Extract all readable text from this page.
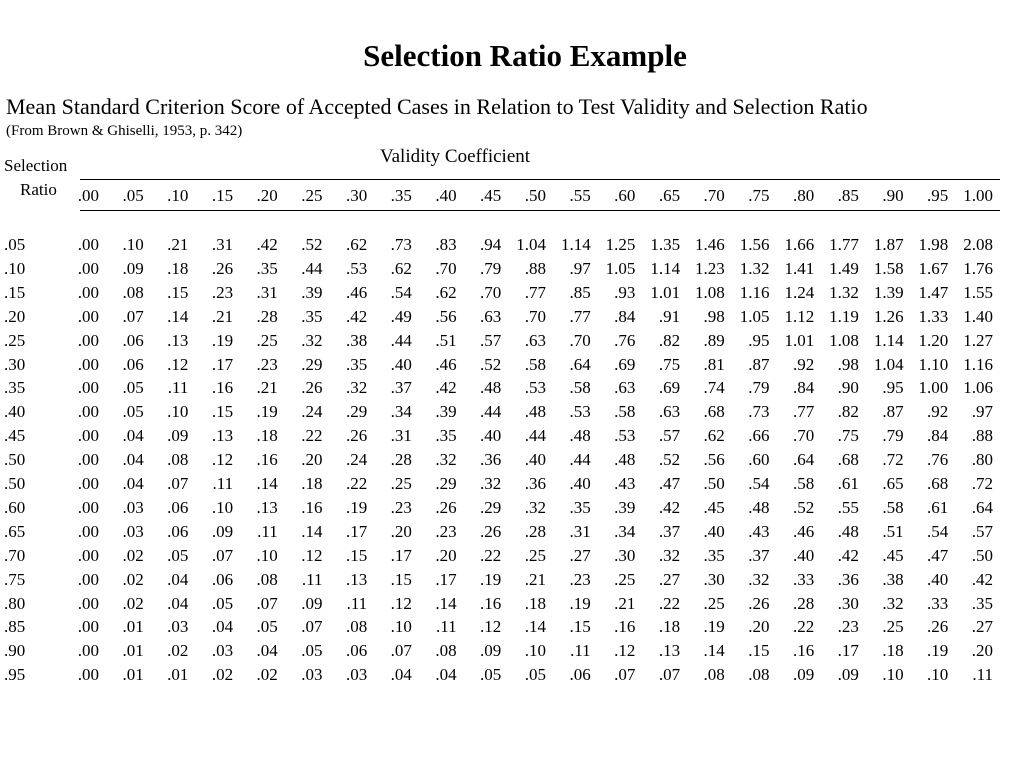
Selection Ratio Example

Mean Standard Criterion Score of Accepted Cases in Relation to Test Validity and Selection Ratio

(From Brown & Ghiselli, 1953, p. 342)

Validity Coefficient
Selection
Ratio	.00	.05	.10	.15	.20	.25	.30	.35	.40	.45	.50	.55	.60	.65	.70	.75	.80	.85	.90	.95 1.00
.05	.00	.10	.21	.31	.42	.52	.62	.73	.83	.94 1.04 1.14 1.25 1.35 1.46 1.56 1.66 1.77 1.87 1.98 2.08
.10	.00	.09	.18	.26	.35	.44	.53	.62	.70	.79	.88	.97 1.05 1.14 1.23 1.32 1.41 1.49 1.58 1.67 1.76
.15	.00	.08	.15	.23	.31	.39	.46	.54	.62	.70	.77	.85	.93 1.01 1.08 1.16 1.24 1.32 1.39 1.47 1.55
.20	.00	.07	.14	.21	.28	.35	.42	.49	.56	.63	.70	.77	.84	.91	.98 1.05 1.12 1.19 1.26 1.33 1.40
.25	.00	.06	.13	.19	.25	.32	.38	.44	.51	.57	.63	.70	.76	.82	.89	.95 1.01 1.08 1.14 1.20 1.27
.30	.00	.06	.12	.17	.23	.29	.35	.40	.46	.52	.58	.64	.69	.75	.81	.87	.92	.98 1.04 1.10 1.16
.35	.00	.05	.11	.16	.21	.26	.32	.37	.42	.48	.53	.58	.63	.69	.74	.79	.84	.90	.95 1.00 1.06
.40	.00	.05	.10	.15	.19	.24	.29	.34	.39	.44	.48	.53	.58	.63	.68	.73	.77	.82	.87	.92	.97
.45	.00	.04	.09	.13	.18	.22	.26	.31	.35	.40	.44	.48	.53	.57	.62	.66	.70	.75	.79	.84	.88
.50	.00	.04	.08	.12	.16	.20	.24	.28	.32	.36	.40	.44	.48	.52	.56	.60	.64	.68	.72	.76	.80
.50	.00	.04	.07	.11	.14	.18	.22	.25	.29	.32	.36	.40	.43	.47	.50	.54	.58	.61	.65	.68	.72
.60	.00	.03	.06	.10	.13	.16	.19	.23	.26	.29	.32	.35	.39	.42	.45	.48	.52	.55	.58	.61	.64
.65	.00	.03	.06	.09	.11	.14	.17	.20	.23	.26	.28	.31	.34	.37	.40	.43	.46	.48	.51	.54	.57
.70	.00	.02	.05	.07	.10	.12	.15	.17	.20	.22	.25	.27	.30	.32	.35	.37	.40	.42	.45	.47	.50
.75	.00	.02	.04	.06	.08	.11	.13	.15	.17	.19	.21	.23	.25	.27	.30	.32	.33	.36	.38	.40	.42
.80	.00	.02	.04	.05	.07	.09	.11	.12	.14	.16	.18	.19	.21	.22	.25	.26	.28	.30	.32	.33	.35
.85	.00	.01	.03	.04	.05	.07	.08	.10	.11	.12	.14	.15	.16	.18	.19	.20	.22	.23	.25	.26	.27
.90	.00	.01	.02	.03	.04	.05	.06	.07	.08	.09	.10	.11	.12	.13	.14	.15	.16	.17	.18	.19	.20
.95	.00	.01	.01	.02	.02	.03	.03	.04	.04	.05	.05	.06	.07	.07	.08	.08	.09	.09	.10	.10	.11
